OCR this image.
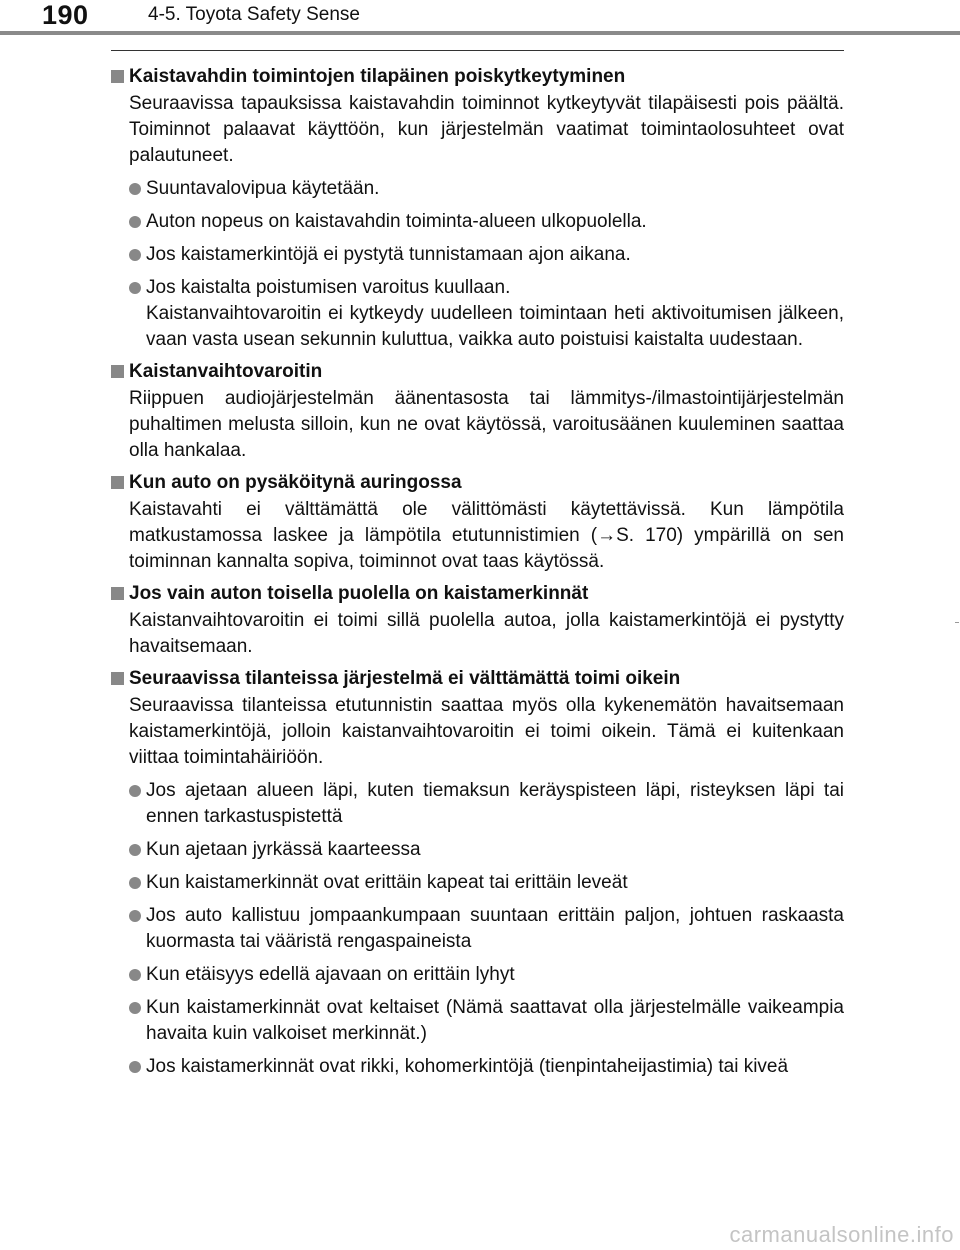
190	4-5. Toyota Safety Sense
Kaistavahdin toimintojen tilapäinen poiskytkeytyminen
Seuraavissa tapauksissa kaistavahdin toiminnot kytkeytyvät tilapäisesti pois päältä. Toiminnot palaavat käyttöön, kun järjestelmän vaatimat toimintaolosuhteet ovat palautuneet.
Suuntavalovipua käytetään.
Auton nopeus on kaistavahdin toiminta-alueen ulkopuolella.
Jos kaistamerkintöjä ei pystytä tunnistamaan ajon aikana.
Jos kaistalta poistumisen varoitus kuullaan.
Kaistanvaihtovaroitin ei kytkeydy uudelleen toimintaan heti aktivoitumisen jälkeen, vaan vasta usean sekunnin kuluttua, vaikka auto poistuisi kaistalta uudestaan.
Kaistanvaihtovaroitin
Riippuen audiojärjestelmän äänentasosta tai lämmitys-/ilmastointijärjestelmän puhaltimen melusta silloin, kun ne ovat käytössä, varoitusäänen kuuleminen saattaa olla hankalaa.
Kun auto on pysäköitynä auringossa
Kaistavahti ei välttämättä ole välittömästi käytettävissä. Kun lämpötila matkustamossa laskee ja lämpötila etutunnistimien (→S. 170) ympärillä on sen toiminnan kannalta sopiva, toiminnot ovat taas käytössä.
Jos vain auton toisella puolella on kaistamerkinnät
Kaistanvaihtovaroitin ei toimi sillä puolella autoa, jolla kaistamerkintöjä ei pystytty havaitsemaan.
Seuraavissa tilanteissa järjestelmä ei välttämättä toimi oikein
Seuraavissa tilanteissa etutunnistin saattaa myös olla kykenemätön havaitsemaan kaistamerkintöjä, jolloin kaistanvaihtovaroitin ei toimi oikein. Tämä ei kuitenkaan viittaa toimintahäiriöön.
Jos ajetaan alueen läpi, kuten tiemaksun keräyspisteen läpi, risteyksen läpi tai ennen tarkastuspistettä
Kun ajetaan jyrkässä kaarteessa
Kun kaistamerkinnät ovat erittäin kapeat tai erittäin leveät
Jos auto kallistuu jompaankumpaan suuntaan erittäin paljon, johtuen raskaasta kuormasta tai vääristä rengaspaineista
Kun etäisyys edellä ajavaan on erittäin lyhyt
Kun kaistamerkinnät ovat keltaiset (Nämä saattavat olla järjestelmälle vaikeampia havaita kuin valkoiset merkinnät.)
Jos kaistamerkinnät ovat rikki, kohomerkintöjä (tienpintaheijastimia) tai kiveä
carmanualsonline.info
